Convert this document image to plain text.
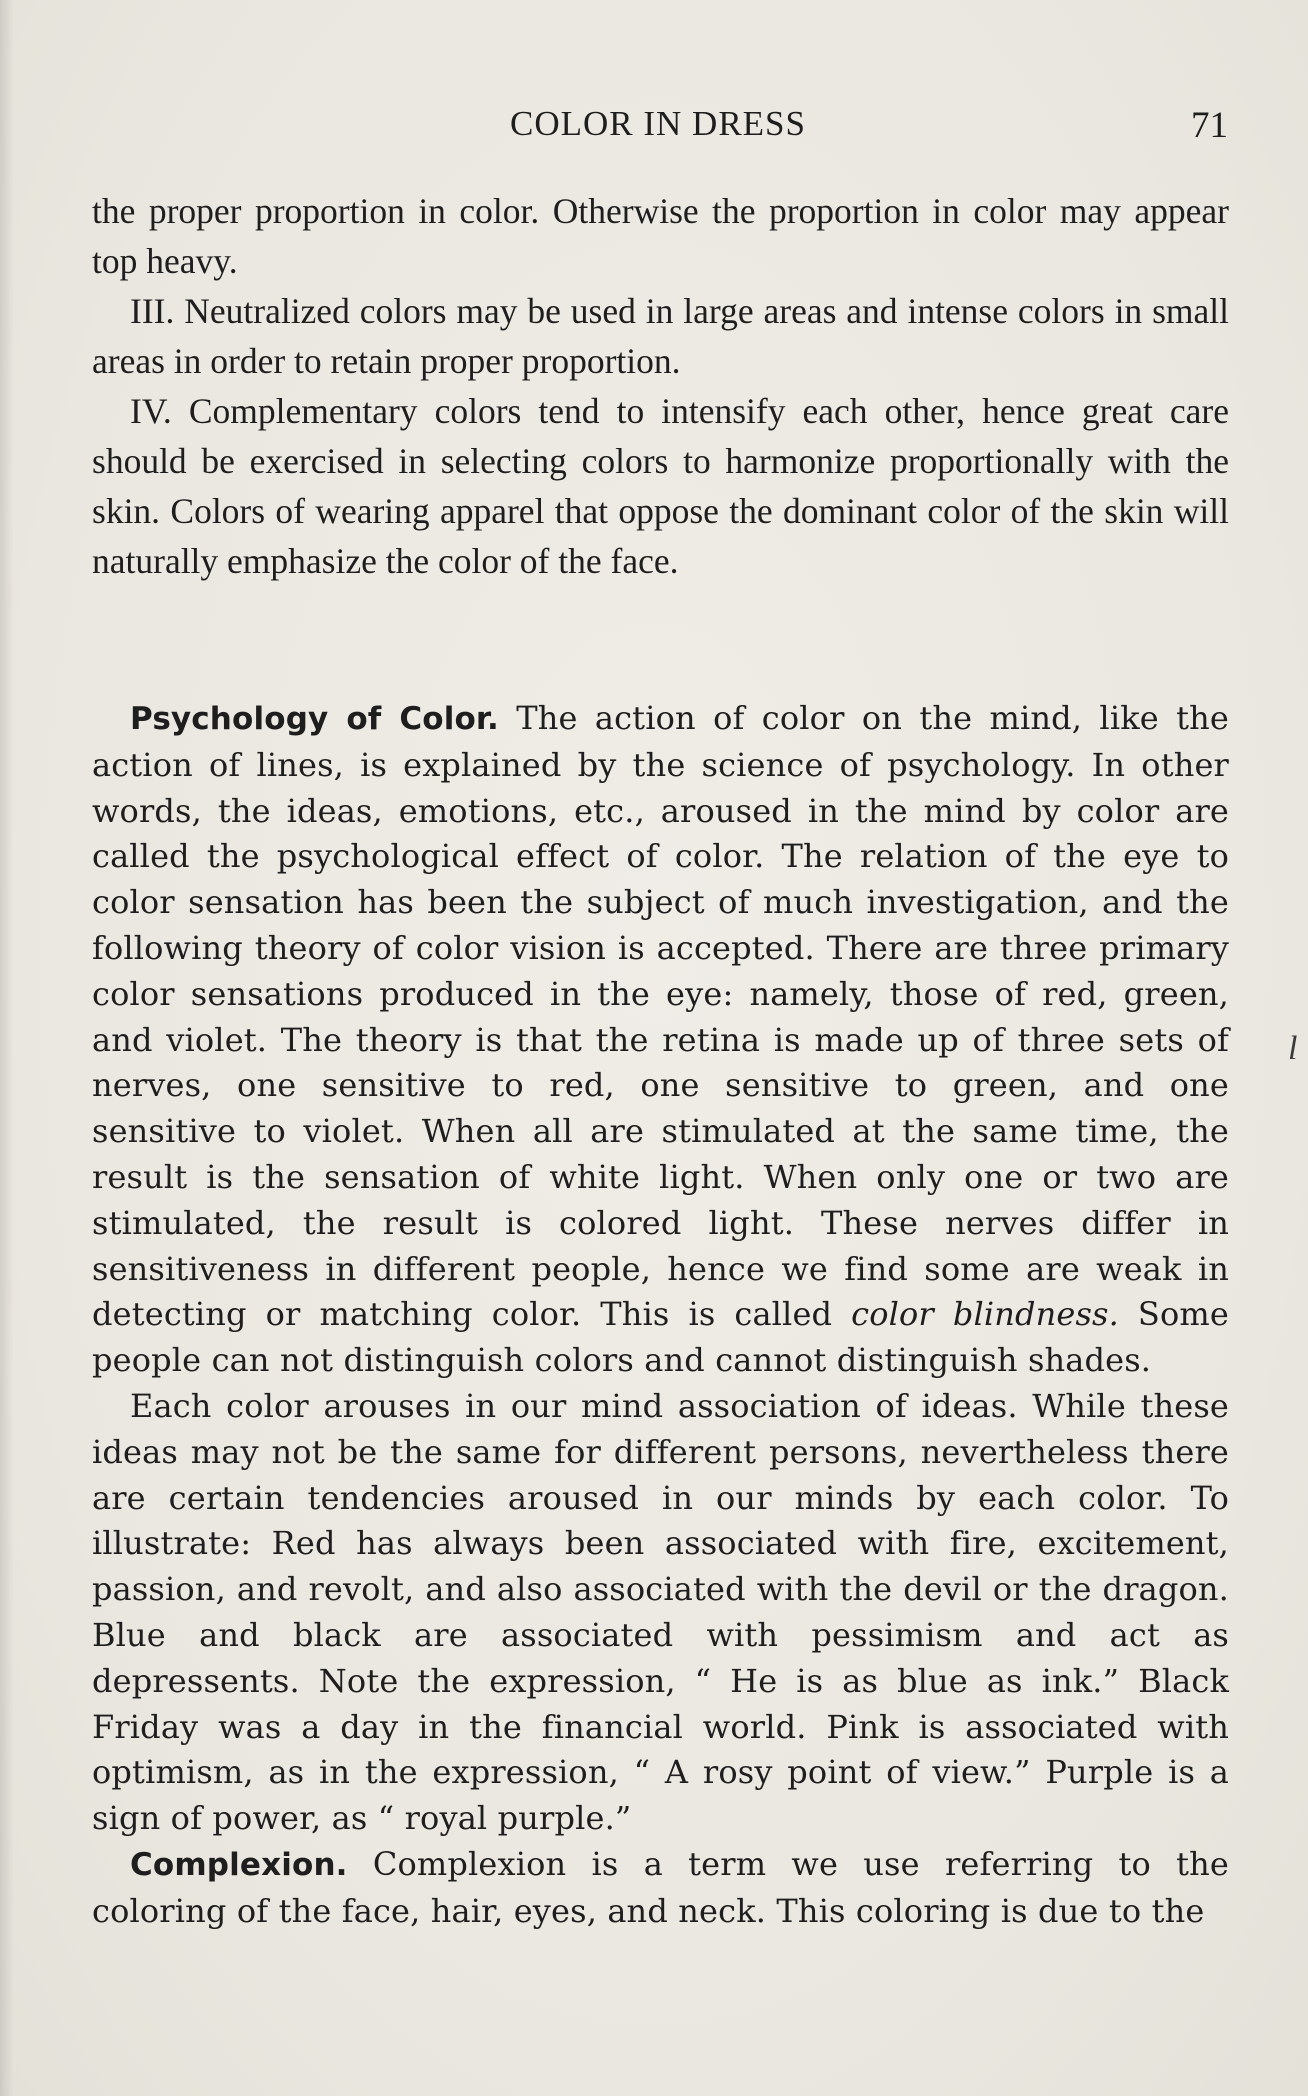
COLOR IN DRESS	71

the proper proportion in color. Otherwise the proportion in color may appear top heavy.

III. Neutralized colors may be used in large areas and intense colors in small areas in order to retain proper proportion.

IV. Complementary colors tend to intensify each other, hence great care should be exercised in selecting colors to harmonize proportionally with the skin. Colors of wearing apparel that oppose the dominant color of the skin will naturally emphasize the color of the face.

Psychology of Color. The action of color on the mind, like the action of lines, is explained by the science of psychology. In other words, the ideas, emotions, etc., aroused in the mind by color are called the psychological effect of color. The relation of the eye to color sensation has been the subject of much investigation, and the following theory of color vision is accepted. There are three primary color sensations produced in the eye: namely, those of red, green, and violet. The theory is that the retina is made up of three sets of nerves, one sensitive to red, one sensitive to green, and one sensitive to violet. When all are stimulated at the same time, the result is the sensation of white light. When only one or two are stimulated, the result is colored light. These nerves differ in sensitiveness in different people, hence we find some are weak in detecting or matching color. This is called color blindness. Some people can not distinguish colors and cannot distinguish shades.

Each color arouses in our mind association of ideas. While these ideas may not be the same for different persons, nevertheless there are certain tendencies aroused in our minds by each color. To illustrate: Red has always been associated with fire, excitement, passion, and revolt, and also associated with the devil or the dragon. Blue and black are associated with pessimism and act as depressents. Note the expression, “ He is as blue as ink.” Black Friday was a day in the financial world. Pink is associated with optimism, as in the expression, “ A rosy point of view.” Purple is a sign of power, as “ royal purple.”

Complexion. Complexion is a term we use referring to the coloring of the face, hair, eyes, and neck. This coloring is due to the

l
